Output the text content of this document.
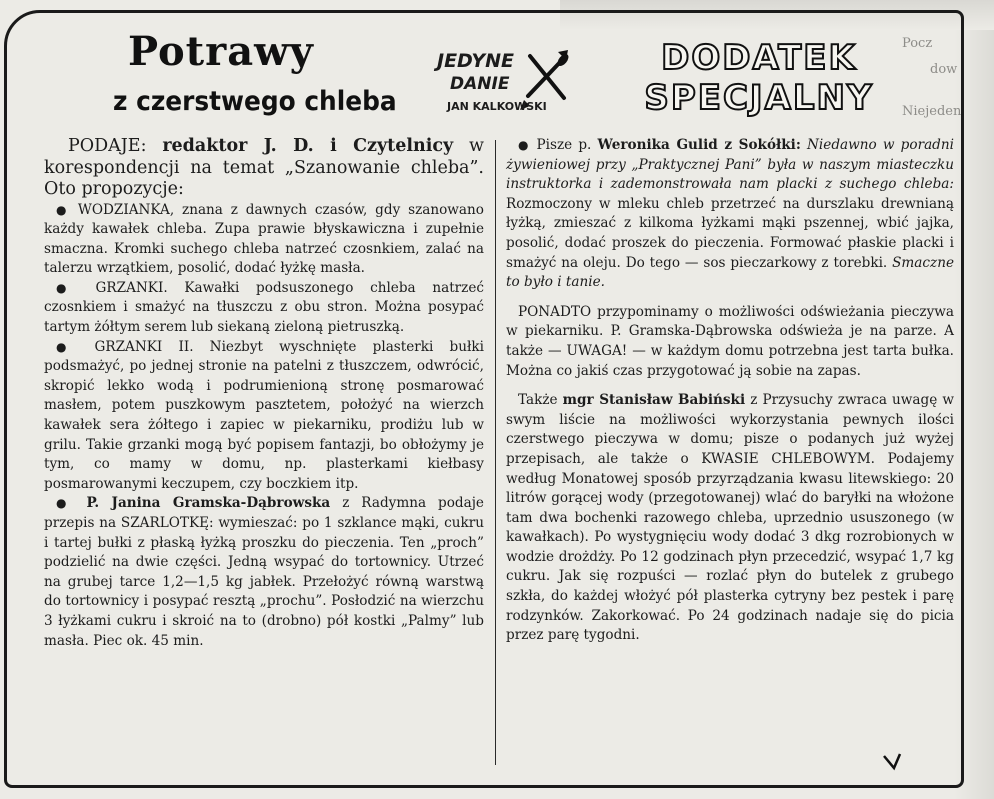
Pocz
dow
Niejeden
Potrawy
z czerstwego chleba
JEDYNE
DANIE
JAN KALKOWSKI
DODATEK
SPECJALNY

PODAJE: redaktor J. D. i Czytelnicy w korespondencji na temat „Szanowanie chleba”. Oto propozycje:

● WODZIANKA, znana z dawnych czasów, gdy szanowano każdy kawałek chleba. Zupa prawie błyskawiczna i zupełnie smaczna. Kromki suchego chleba natrzeć czosnkiem, zalać na talerzu wrzątkiem, posolić, dodać łyżkę masła.

● GRZANKI. Kawałki podsuszonego chleba natrzeć czosnkiem i smażyć na tłuszczu z obu stron. Można posypać tartym żółtym serem lub siekaną zieloną pietruszką.

● GRZANKI II. Niezbyt wyschnięte plasterki bułki podsmażyć, po jednej stronie na patelni z tłuszczem, odwrócić, skropić lekko wodą i podrumienioną stronę posmarować masłem, potem puszkowym pasztetem, położyć na wierzch kawałek sera żółtego i zapiec w piekarniku, prodiżu lub w grilu. Takie grzanki mogą być popisem fantazji, bo obłożymy je tym, co mamy w domu, np. plasterkami kiełbasy posmarowanymi keczupem, czy boczkiem itp.

● P. Janina Gramska-Dąbrowska z Radymna podaje przepis na SZARLOTKĘ: wymieszać: po 1 szklance mąki, cukru i tartej bułki z płaską łyżką proszku do pieczenia. Ten „proch” podzielić na dwie części. Jedną wsypać do tortownicy. Utrzeć na grubej tarce 1,2—1,5 kg jabłek. Przełożyć równą warstwą do tortownicy i posypać resztą „prochu”. Posłodzić na wierzchu 3 łyżkami cukru i skroić na to (drobno) pół kostki „Palmy” lub masła. Piec ok. 45 min.

● Pisze p. Weronika Gulid z Sokółki: Niedawno w poradni żywieniowej przy „Praktycznej Pani” była w naszym miasteczku instruktorka i zademonstrowała nam placki z suchego chleba: Rozmoczony w mleku chleb przetrzeć na durszlaku drewnianą łyżką, zmieszać z kilkoma łyżkami mąki pszennej, wbić jajka, posolić, dodać proszek do pieczenia. Formować płaskie placki i smażyć na oleju. Do tego — sos pieczarkowy z torebki. Smaczne to było i tanie.

PONADTO przypominamy o możliwości odświeżania pieczywa w piekarniku. P. Gramska-Dąbrowska odświeża je na parze. A także — UWAGA! — w każdym domu potrzebna jest tarta bułka. Można co jakiś czas przygotować ją sobie na zapas.

Także mgr Stanisław Babiński z Przysuchy zwraca uwagę w swym liście na możliwości wykorzystania pewnych ilości czerstwego pieczywa w domu; pisze o podanych już wyżej przepisach, ale także o KWASIE CHLEBOWYM. Podajemy według Monatowej sposób przyrządzania kwasu litewskiego: 20 litrów gorącej wody (przegotowanej) wlać do baryłki na włożone tam dwa bochenki razowego chleba, uprzednio ususzonego (w kawałkach). Po wystygnięciu wody dodać 3 dkg rozrobionych w wodzie drożdży. Po 12 godzinach płyn przecedzić, wsypać 1,7 kg cukru. Jak się rozpuści — rozlać płyn do butelek z grubego szkła, do każdej włożyć pół plasterka cytryny bez pestek i parę rodzynków. Zakorkować. Po 24 godzinach nadaje się do picia przez parę tygodni.
